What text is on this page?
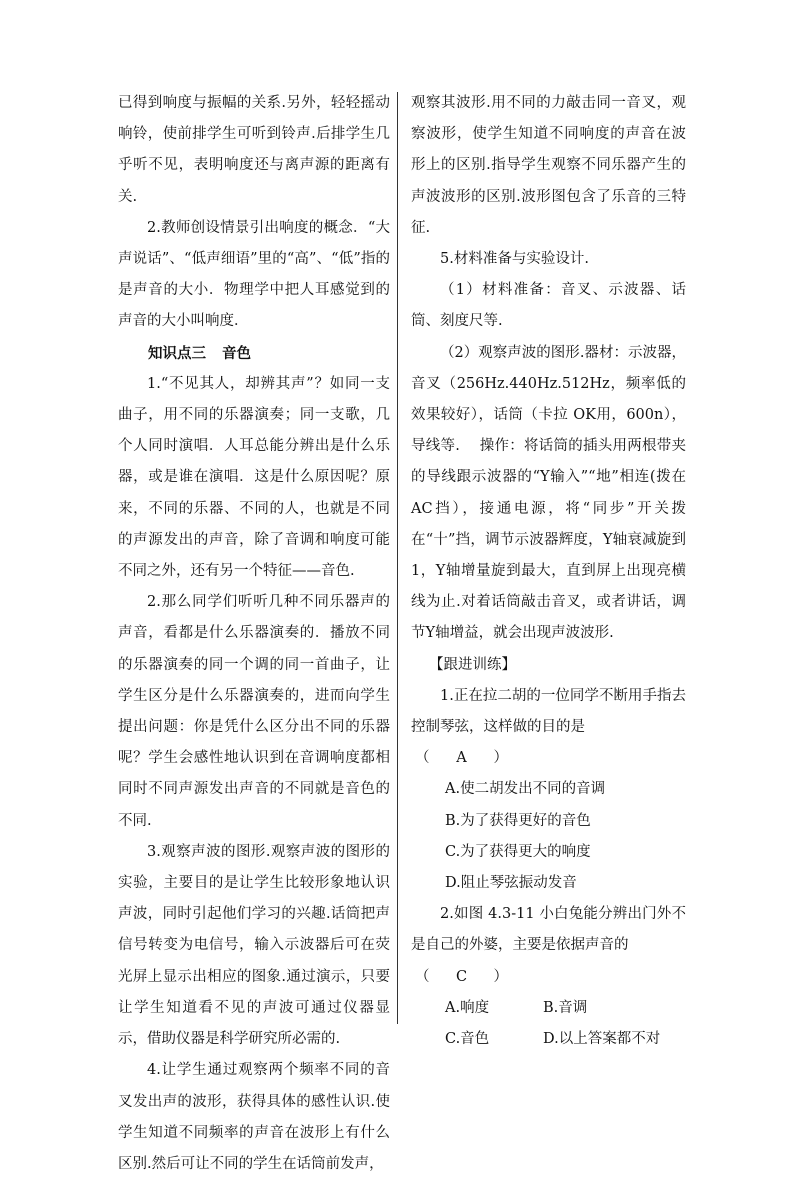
已得到响度与振幅的关系.另外，轻轻摇动响铃，使前排学生可听到铃声.后排学生几乎听不见，表明响度还与离声源的距离有关.

2.教师创设情景引出响度的概念．“大声说话”、“低声细语”里的“高”、“低”指的是声音的大小．物理学中把人耳感觉到的声音的大小叫响度．

知识点三 音色

1.“不见其人，却辨其声”？如同一支曲子，用不同的乐器演奏；同一支歌，几个人同时演唱．人耳总能分辨出是什么乐器，或是谁在演唱．这是什么原因呢？原来，不同的乐器、不同的人，也就是不同的声源发出的声音，除了音调和响度可能不同之外，还有另一个特征——音色.

2.那么同学们听听几种不同乐器声的声音，看都是什么乐器演奏的．播放不同的乐器演奏的同一个调的同一首曲子，让学生区分是什么乐器演奏的，进而向学生提出问题：你是凭什么区分出不同的乐器呢？学生会感性地认识到在音调响度都相同时不同声源发出声音的不同就是音色的不同.

3.观察声波的图形.观察声波的图形的实验，主要目的是让学生比较形象地认识声波，同时引起他们学习的兴趣.话筒把声信号转变为电信号，输入示波器后可在荧光屏上显示出相应的图象.通过演示，只要让学生知道看不见的声波可通过仪器显示，借助仪器是科学研究所必需的.

4.让学生通过观察两个频率不同的音叉发出声的波形，获得具体的感性认识.使学生知道不同频率的声音在波形上有什么区别.然后可让不同的学生在话筒前发声，

观察其波形.用不同的力敲击同一音叉，观察波形，使学生知道不同响度的声音在波形上的区别.指导学生观察不同乐器产生的声波波形的区别.波形图包含了乐音的三特征.

5.材料准备与实验设计.

（1）材料准备：音叉、示波器、话筒、刻度尺等.

（2）观察声波的图形.器材：示波器，音叉（256Hz.440Hz.512Hz，频率低的效果较好），话筒（卡拉 OK用，600n），导线等.　 操作：将话筒的插头用两根带夹的导线跟示波器的“Y输入”“地”相连(拨在AC挡），接通电源，将“同步”开关拨在“十”挡，调节示波器辉度，Y轴衰减旋到 1，Y轴增量旋到最大，直到屏上出现亮横线为止.对着话筒敲击音叉，或者讲话，调节Y轴增益，就会出现声波波形.

【跟进训练】

1.正在拉二胡的一位同学不断用手指去控制琴弦，这样做的目的是

（ A ）

A.使二胡发出不同的音调

B.为了获得更好的音色

C.为了获得更大的响度

D.阻止琴弦振动发音

2.如图 4.3-11 小白兔能分辨出门外不是自己的外婆，主要是依据声音的

（ C ）

A.响度	B.音调
C.音色	D.以上答案都不对
